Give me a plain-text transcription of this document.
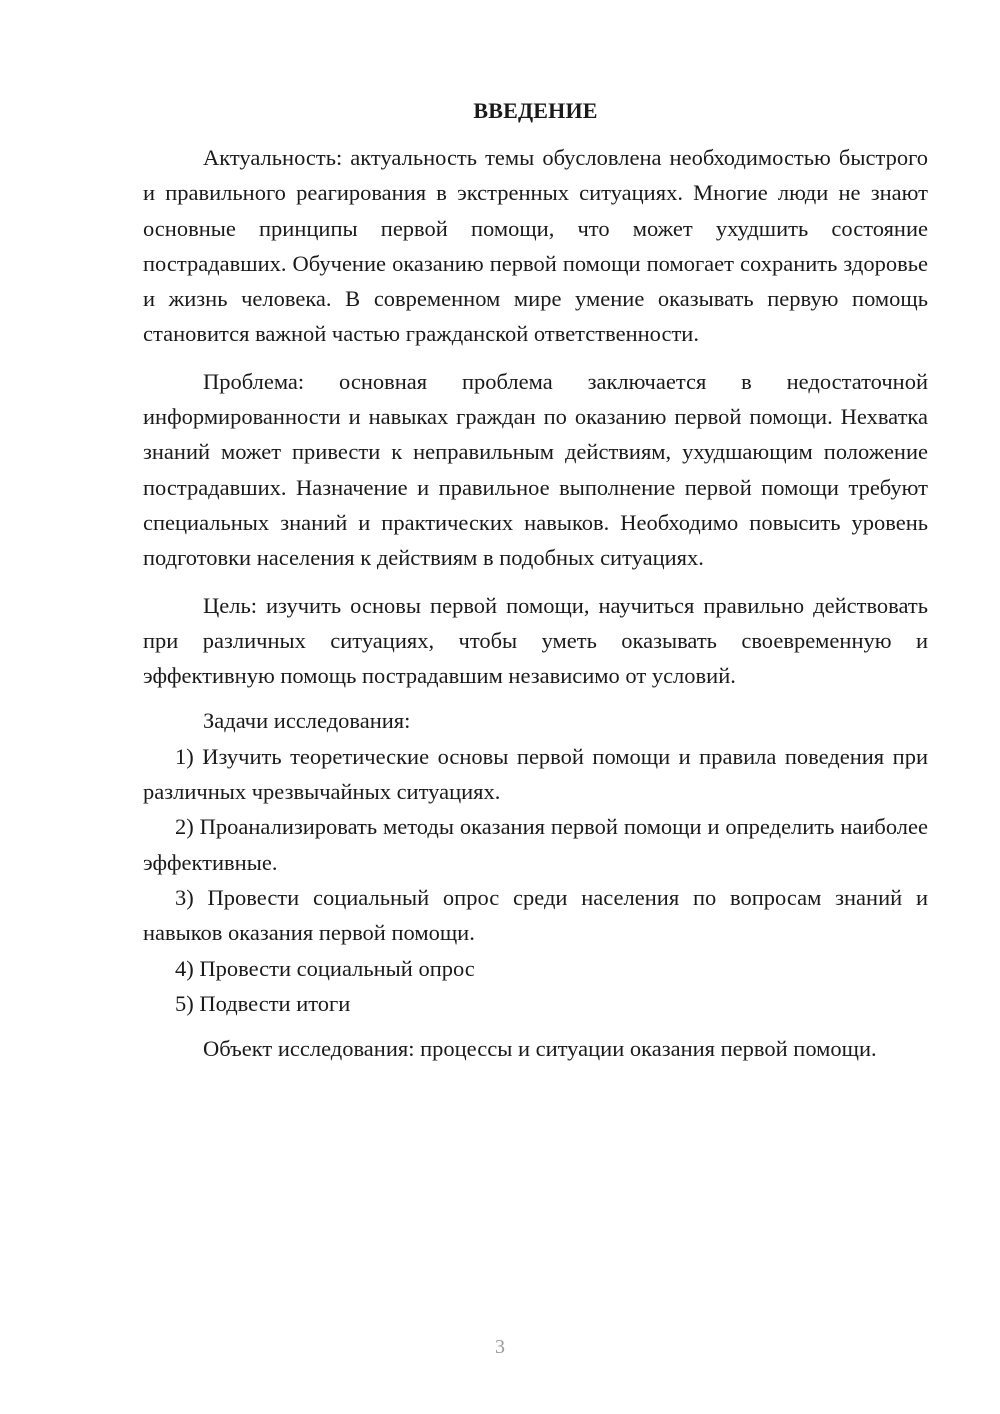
ВВЕДЕНИЕ

Актуальность: актуальность темы обусловлена необходимостью быстрого и правильного реагирования в экстренных ситуациях. Многие люди не знают основные принципы первой помощи, что может ухудшить состояние пострадавших. Обучение оказанию первой помощи помогает сохранить здоровье и жизнь человека. В современном мире умение оказывать первую помощь становится важной частью гражданской ответственности.

Проблема: основная проблема заключается в недостаточной информированности и навыках граждан по оказанию первой помощи. Нехватка знаний может привести к неправильным действиям, ухудшающим положение пострадавших. Назначение и правильное выполнение первой помощи требуют специальных знаний и практических навыков. Необходимо повысить уровень подготовки населения к действиям в подобных ситуациях.

Цель: изучить основы первой помощи, научиться правильно действовать при различных ситуациях, чтобы уметь оказывать своевременную и эффективную помощь пострадавшим независимо от условий.

Задачи исследования:

1) Изучить теоретические основы первой помощи и правила поведения при различных чрезвычайных ситуациях.

2) Проанализировать методы оказания первой помощи и определить наиболее эффективные.

3) Провести социальный опрос среди населения по вопросам знаний и навыков оказания первой помощи.

4) Провести социальный опрос

5) Подвести итоги

Объект исследования: процессы и ситуации оказания первой помощи.

3
